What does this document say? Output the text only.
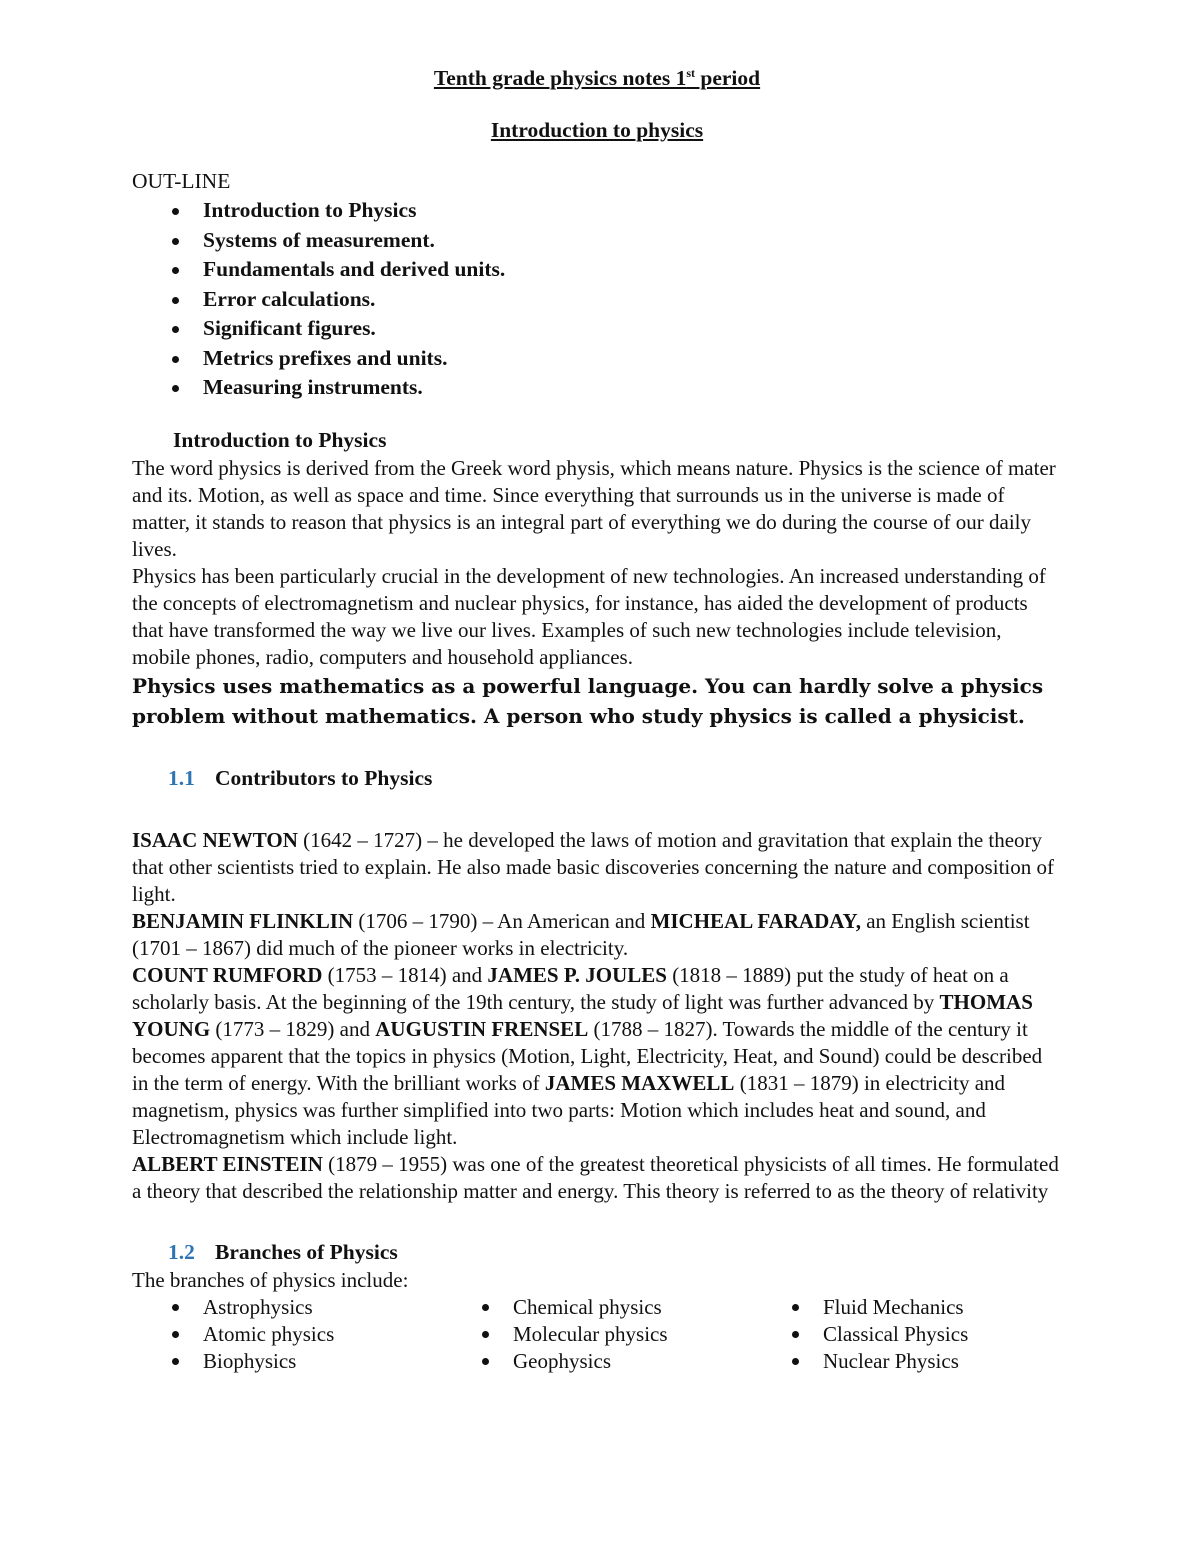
Tenth grade physics notes 1st period
Introduction to physics
OUT-LINE
Introduction to Physics
Systems of measurement.
Fundamentals and derived units.
Error calculations.
Significant figures.
Metrics prefixes and units.
Measuring instruments.
Introduction to Physics

The word physics is derived from the Greek word physis, which means nature. Physics is the science of mater and its. Motion, as well as space and time. Since everything that surrounds us in the universe is made of matter, it stands to reason that physics is an integral part of everything we do during the course of our daily lives.

Physics has been particularly crucial in the development of new technologies. An increased understanding of the concepts of electromagnetism and nuclear physics, for instance, has aided the development of products that have transformed the way we live our lives. Examples of such new technologies include television, mobile phones, radio, computers and household appliances.

Physics uses mathematics as a powerful language. You can hardly solve a physics problem without mathematics. A person who study physics is called a physicist.

1.1 Contributors to Physics

ISAAC NEWTON (1642 – 1727) – he developed the laws of motion and gravitation that explain the theory that other scientists tried to explain. He also made basic discoveries concerning the nature and composition of light.

BENJAMIN FLINKLIN (1706 – 1790) – An American and MICHEAL FARADAY, an English scientist (1701 – 1867) did much of the pioneer works in electricity.

COUNT RUMFORD (1753 – 1814) and JAMES P. JOULES (1818 – 1889) put the study of heat on a scholarly basis. At the beginning of the 19th century, the study of light was further advanced by THOMAS YOUNG (1773 – 1829) and AUGUSTIN FRENSEL (1788 – 1827). Towards the middle of the century it becomes apparent that the topics in physics (Motion, Light, Electricity, Heat, and Sound) could be described in the term of energy. With the brilliant works of JAMES MAXWELL (1831 – 1879) in electricity and magnetism, physics was further simplified into two parts: Motion which includes heat and sound, and Electromagnetism which include light.

ALBERT EINSTEIN (1879 – 1955) was one of the greatest theoretical physicists of all times. He formulated a theory that described the relationship matter and energy. This theory is referred to as the theory of relativity

1.2 Branches of Physics

The branches of physics include:

Astrophysics
Atomic physics
Biophysics
Chemical physics
Molecular physics
Geophysics
Fluid Mechanics
Classical Physics
Nuclear Physics
